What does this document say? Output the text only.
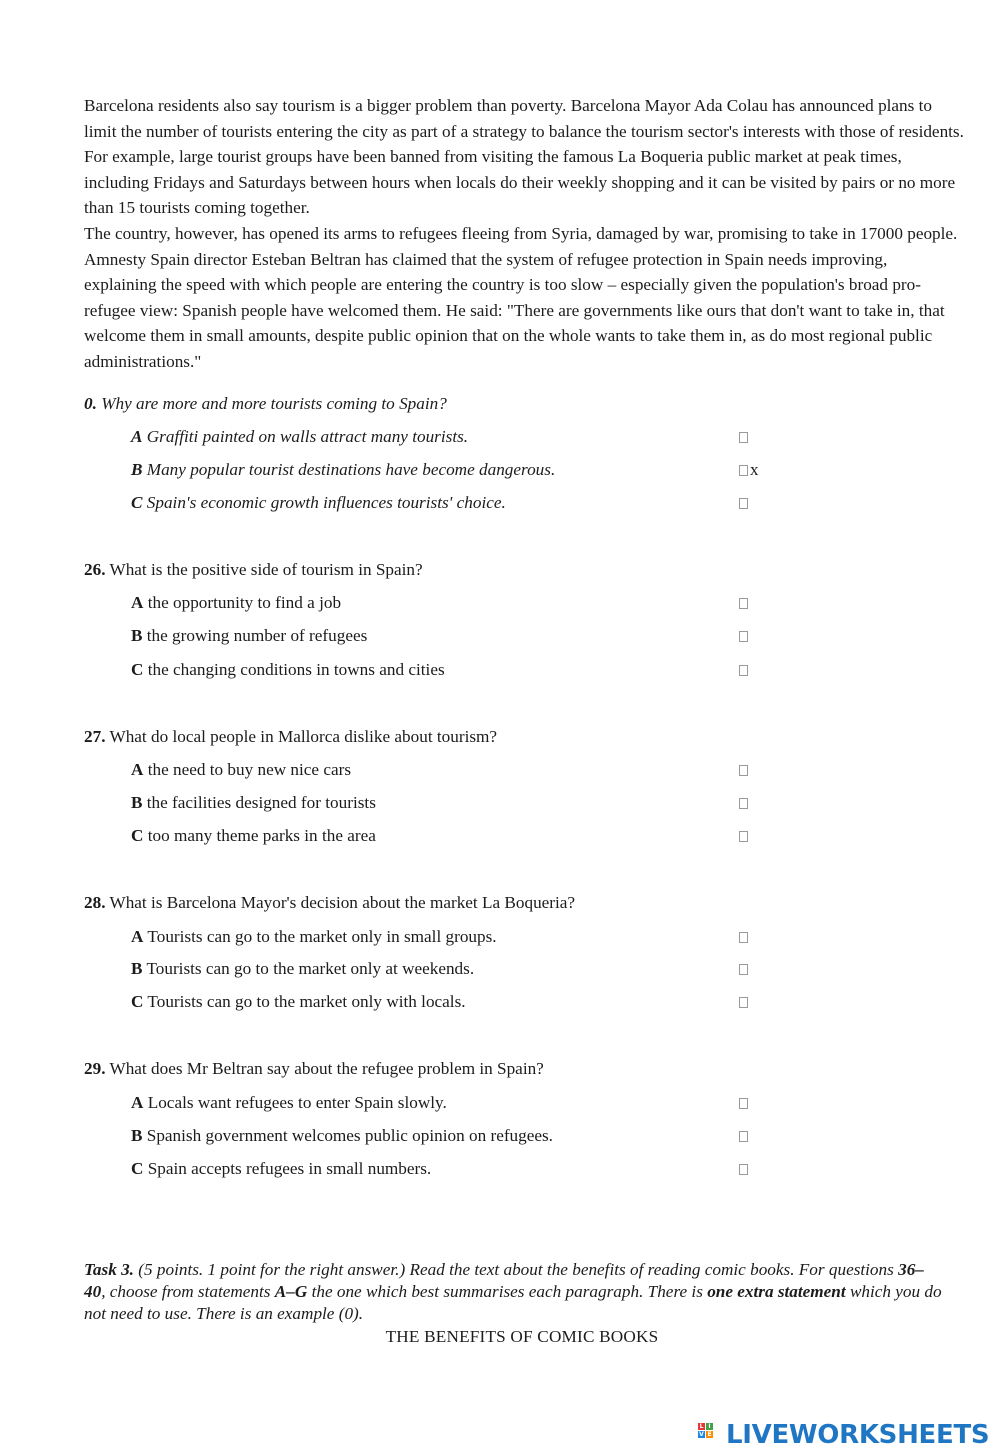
Barcelona residents also say tourism is a bigger problem than poverty. Barcelona Mayor Ada Colau has announced plans to limit the number of tourists entering the city as part of a strategy to balance the tourism sector's interests with those of residents. For example, large tourist groups have been banned from visiting the famous La Boqueria public market at peak times, including Fridays and Saturdays between hours when locals do their weekly shopping and it can be visited by pairs or no more than 15 tourists coming together.

The country, however, has opened its arms to refugees fleeing from Syria, damaged by war, promising to take in 17000 people. Amnesty Spain director Esteban Beltran has claimed that the system of refugee protection in Spain needs improving, explaining the speed with which people are entering the country is too slow – especially given the population's broad pro-refugee view: Spanish people have welcomed them. He said: "There are governments like ours that don't want to take in, that welcome them in small amounts, despite public opinion that on the whole wants to take them in, as do most regional public administrations."

0. Why are more and more tourists coming to Spain?
A Graffiti painted on walls attract many tourists.
B Many popular tourist destinations have become dangerous.	x
C Spain's economic growth influences tourists' choice.
26. What is the positive side of tourism in Spain?
A the opportunity to find a job
B the growing number of refugees
C the changing conditions in towns and cities
27. What do local people in Mallorca dislike about tourism?
A the need to buy new nice cars
B the facilities designed for tourists
C too many theme parks in the area
28. What is Barcelona Mayor's decision about the market La Boqueria?
A Tourists can go to the market only in small groups.
B Tourists can go to the market only at weekends.
C Tourists can go to the market only with locals.
29. What does Mr Beltran say about the refugee problem in Spain?
A Locals want refugees to enter Spain slowly.
B Spanish government welcomes public opinion on refugees.
C Spain accepts refugees in small numbers.
Task 3. (5 points. 1 point for the right answer.) Read the text about the benefits of reading comic books. For questions 36–40, choose from statements A–G the one which best summarises each paragraph. There is one extra statement which you do not need to use. There is an example (0).
THE BENEFITS OF COMIC BOOKS
L I
V E LIVEWORKSHEETS
